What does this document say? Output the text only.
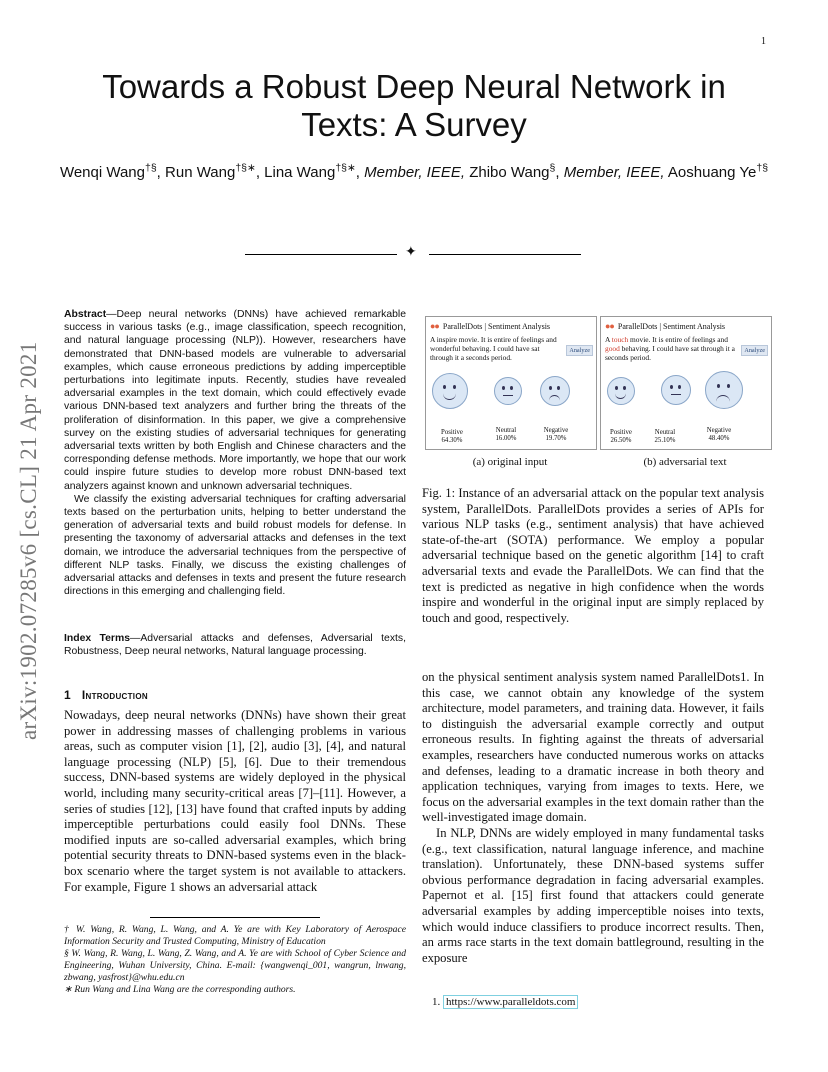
1
arXiv:1902.07285v6 [cs.CL] 21 Apr 2021
Towards a Robust Deep Neural Network in
Texts: A Survey
Wenqi Wang†§, Run Wang†§∗, Lina Wang†§∗, Member, IEEE, Zhibo Wang§, Member, IEEE, Aoshuang Ye†§
✦

Abstract—Deep neural networks (DNNs) have achieved remarkable success in various tasks (e.g., image classification, speech recognition, and natural language processing (NLP)). However, researchers have demonstrated that DNN-based models are vulnerable to adversarial examples, which cause erroneous predictions by adding imperceptible perturbations into legitimate inputs. Recently, studies have revealed adversarial examples in the text domain, which could effectively evade various DNN-based text analyzers and further bring the threats of the proliferation of disinformation. In this paper, we give a comprehensive survey on the existing studies of adversarial techniques for generating adversarial texts written by both English and Chinese characters and the corresponding defense methods. More importantly, we hope that our work could inspire future studies to develop more robust DNN-based text analyzers against known and unknown adversarial techniques.

We classify the existing adversarial techniques for crafting adversarial texts based on the perturbation units, helping to better understand the generation of adversarial texts and build robust models for defense. In presenting the taxonomy of adversarial attacks and defenses in the text domain, we introduce the adversarial techniques from the perspective of different NLP tasks. Finally, we discuss the existing challenges of adversarial attacks and defenses in texts and present the future research directions in this emerging and challenging field.

Index Terms—Adversarial attacks and defenses, Adversarial texts, Robustness, Deep neural networks, Natural language processing.
1 Introduction
Nowadays, deep neural networks (DNNs) have shown their great power in addressing masses of challenging problems in various areas, such as computer vision [1], [2], audio [3], [4], and natural language processing (NLP) [5], [6]. Due to their tremendous success, DNN-based systems are widely deployed in the physical world, including many security-critical areas [7]–[11]. However, a series of studies [12], [13] have found that crafted inputs by adding imperceptible perturbations could easily fool DNNs. These modified inputs are so-called adversarial examples, which bring potential security threats to DNN-based systems even in the black-box scenario where the target system is not available to attackers. For example, Figure 1 shows an adversarial attack

† W. Wang, R. Wang, L. Wang, and A. Ye are with Key Laboratory of Aerospace Information Security and Trusted Computing, Ministry of Education

§ W. Wang, R. Wang, L. Wang, Z. Wang, and A. Ye are with School of Cyber Science and Engineering, Wuhan University, China. E-mail: {wangwenqi_001, wangrun, lnwang, zbwang, yasfrost}@whu.edu.cn

∗ Run Wang and Lina Wang are the corresponding authors.

●● ParallelDots | Sentiment Analysis
A inspire movie. It is entire of feelings and wonderful behaving. I could have sat through it a seconds period.
Analyze
Positive
64.30%
Neutral
16.00%
Negative
19.70%
●● ParallelDots | Sentiment Analysis
A touch movie. It is entire of feelings and good behaving. I could have sat through it a seconds period.
Analyze
Positive
26.50%
Neutral
25.10%
Negative
48.40%
(a) original input	(b) adversarial text
Fig. 1: Instance of an adversarial attack on the popular text analysis system, ParallelDots. ParallelDots provides a series of APIs for various NLP tasks (e.g., sentiment analysis) that have achieved state-of-the-art (SOTA) performance. We employ a popular adversarial technique based on the genetic algorithm [14] to craft adversarial texts and evade the ParallelDots. We can find that the text is predicted as negative in high confidence when the words inspire and wonderful in the original input are simply replaced by touch and good, respectively.

on the physical sentiment analysis system named ParallelDots1. In this case, we cannot obtain any knowledge of the system architecture, model parameters, and training data. However, it fails to distinguish the adversarial example correctly and output erroneous results. In fighting against the threats of adversarial examples, researchers have conducted numerous works on attacks and defenses, leading to a dramatic increase in both theory and application techniques, varying from images to texts. Here, we focus on the adversarial examples in the text domain rather than the well-investigated image domain.

In NLP, DNNs are widely employed in many fundamental tasks (e.g., text classification, natural language inference, and machine translation). Unfortunately, these DNN-based systems suffer obvious performance degradation in facing adversarial examples. Papernot et al. [15] first found that attackers could generate adversarial examples by adding imperceptible noises into texts, which would induce classifiers to produce incorrect results. Then, an arms race starts in the text domain battleground, resulting in the exposure

1. https://www.paralleldots.com
